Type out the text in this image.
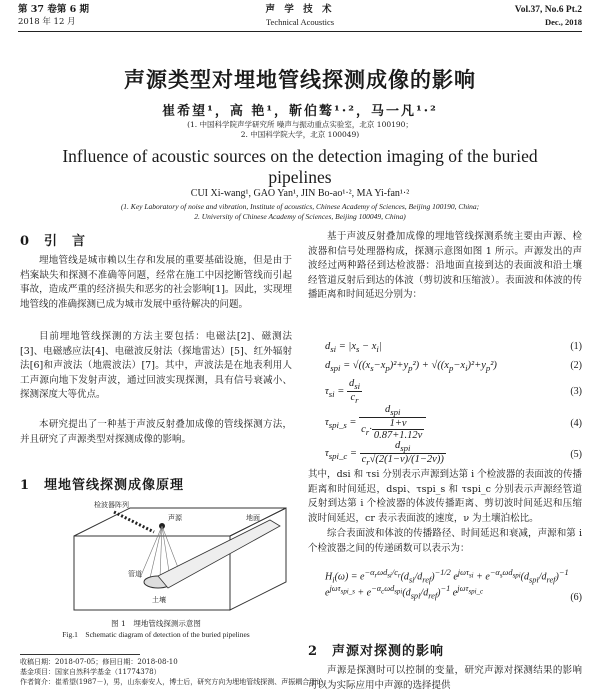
第 37 卷第 6 期
2018 年 12 月
声 学 技 术
Technical Acoustics
Vol.37, No.6 Pt.2
Dec., 2018
声源类型对埋地管线探测成像的影响
崔希望¹，高 艳¹，靳伯骜¹·²，马一凡¹·²
(1. 中国科学院声学研究所 噪声与振动重点实验室，北京 100190；
2. 中国科学院大学，北京 100049)
Influence of acoustic sources on the detection imaging of the buried pipelines
CUI Xi-wang¹, GAO Yan¹, JIN Bo-ao¹·², MA Yi-fan¹·²
(1. Key Laboratory of noise and vibration, Institute of acoustics, Chinese Academy of Sciences, Beijing 100190, China;
2. University of Chinese Academy of Sciences, Beijing 100049, China)
0　引　言
埋地管线是城市赖以生存和发展的重要基础设施，但是由于档案缺失和探测不准确等问题，经常在施工中因挖断管线而引起事故，造成严重的经济损失和恶劣的社会影响[1]。因此，实现埋地管线的准确探测已成为城市发展中亟待解决的问题。
目前埋地管线探测的方法主要包括：电磁法[2]、磁测法[3]、电磁感应法[4]、电磁波反射法（探地雷达）[5]、红外辐射法[6]和声波法（地震波法）[7]。其中，声波法是在地表利用人工声源向地下发射声波，通过回波实现探测，具有信号衰减小、探测深度大等优点。
本研究提出了一种基于声波反射叠加成像的管线探测方法，并且研究了声源类型对探测成像的影响。
1　埋地管线探测成像原理
检波器阵列
声源	地面
管道
土壤
图 1　埋地管线探测示意图
Fig.1　Schematic diagram of detection of the buried pipelines
收稿日期：2018-07-05；修回日期：2018-08-10
基金项目：国家自然科学基金（11774378）
作者简介：崔希望(1987－)，男，山东泰安人，博士后，研究方向为埋地管线探测、声振耦合理论。
基于声波反射叠加成像的埋地管线探测系统主要由声源、检波器和信号处理器构成，探测示意图如图 1 所示。声源发出的声波经过两种路径到达检波器：沿地面直接到达的表面波和沿土壤经管道反射后到达的体波（剪切波和压缩波）。表面波和体波的传播距离和时间延迟分别为：
$d_{si} = |x_s - x_i|$	(1)
$d_{spi} = √((x_s-x_p)^2+y_p^2) + √((x_p-x_i)^2+y_p^2)$	(2)
$\tau_{si} = \frac{d_{si}}{c_r}$	(3)
$\tau_{spi\_s} = \frac{d_{spi}}{c_r\cdot \frac{1+\nu}{0.87+1.12\nu}}$	(4)
$\tau_{spi\_c} = \frac{d_{spi}}{c_r√(2(1-\nu)/(1-2\nu))}$	(5)
其中，dsi 和 τsi 分别表示声源到达第 i 个检波器的表面波的传播距离和时间延迟，dspi、τspi_s 和 τspi_c 分别表示声源经管道反射到达第 i 个检波器的体波传播距离、剪切波时间延迟和压缩波时间延迟，cr 表示表面波的速度，ν 为土壤泊松比。
综合表面波和体波的传播路径、时间延迟和衰减，声源和第 i 个检波器之间的传递函数可以表示为：
$H_i(\omega) = e^{-\alpha_r\omega d_{si}/c_r}(d_{si}/d_{ref})^{-1/2}$ $e^{j\omega\tau_{si}} + e^{-\alpha_s\omega d_{spi}}(d_{spi}/d_{ref})^{-1}$ $e^{j\omega\tau_{spi\_s}} + e^{-\alpha_c\omega d_{spi}}(d_{spi}/d_{ref})^{-1}$ $e^{j\omega\tau_{spi\_c}}$
(6)
2　声源对探测的影响
声源是探测时可以控制的变量，研究声源对探测结果的影响可以为实际应用中声源的选择提供
